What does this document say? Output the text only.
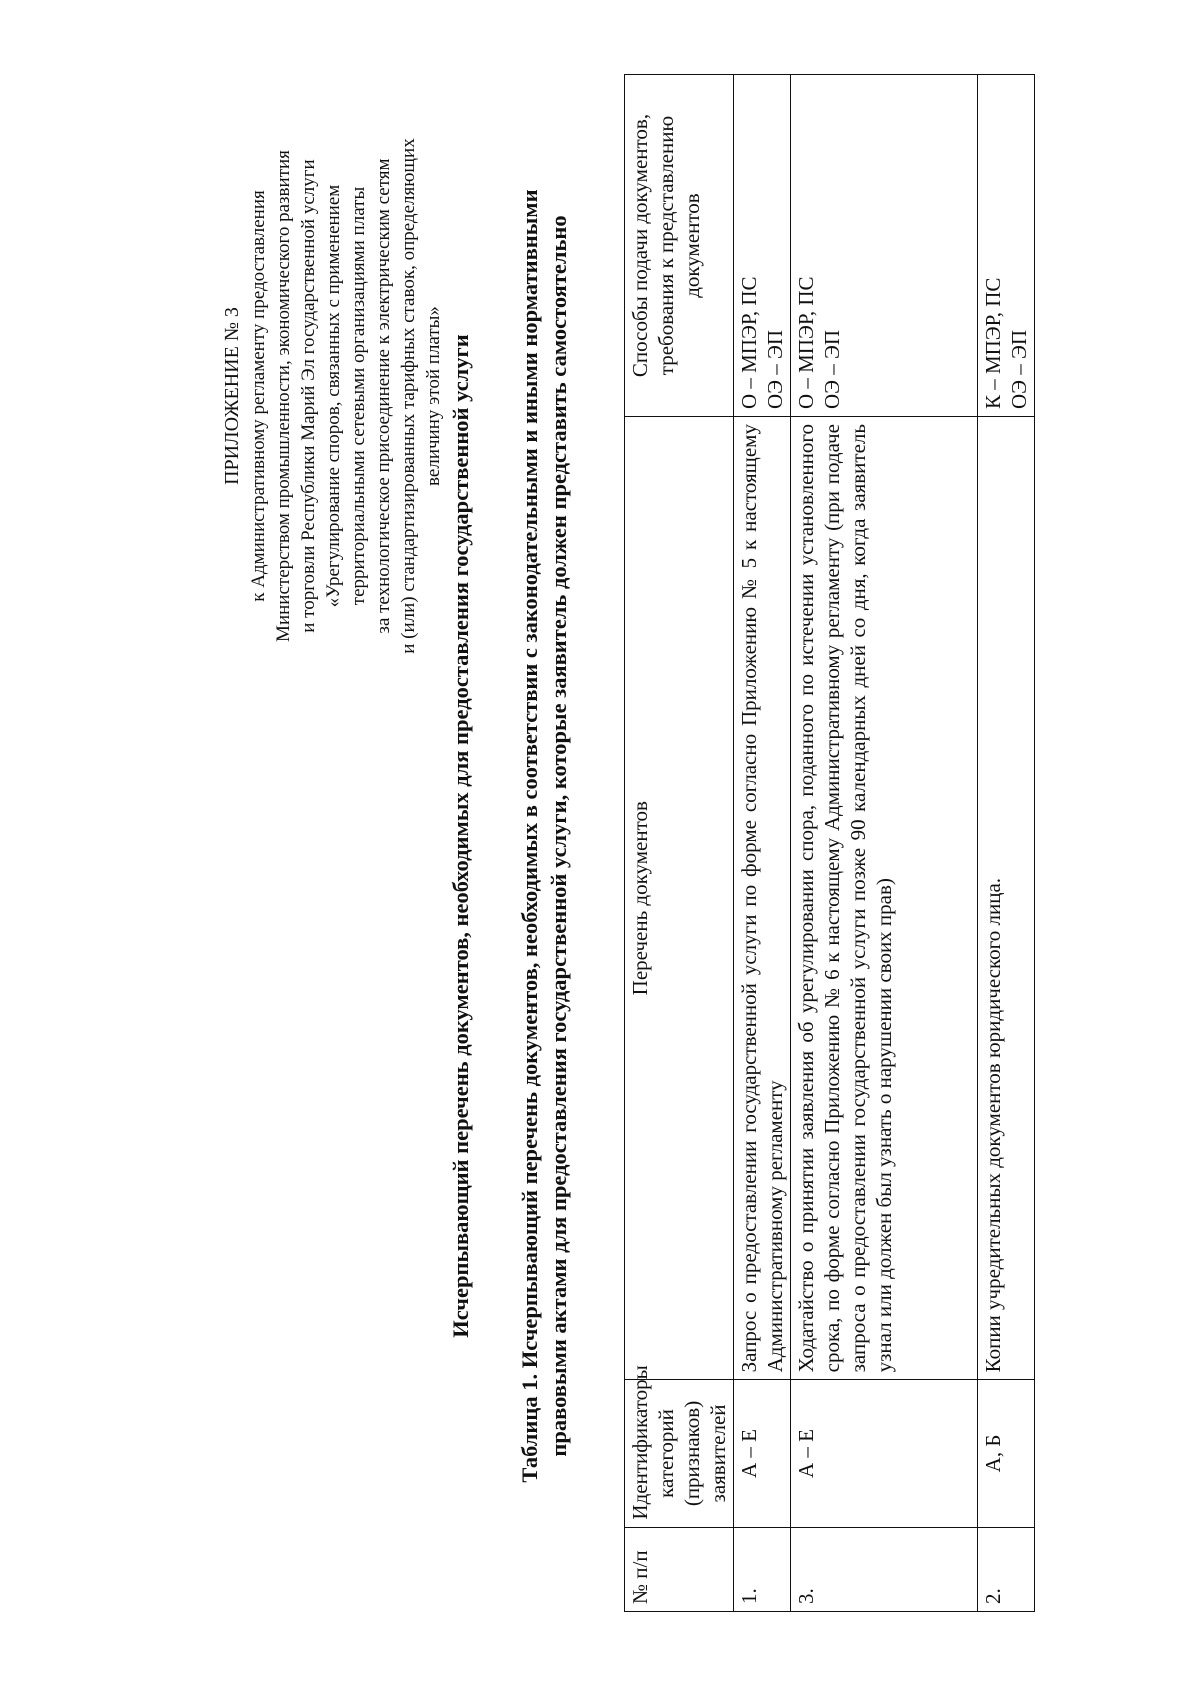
ПРИЛОЖЕНИЕ № 3 к Административному регламенту предоставления Министерством промышленности, экономического развития и торговли Республики Марий Эл государственной услуги «Урегулирование споров, связанных с применением территориальными сетевыми организациями платы за технологическое присоединение к электрическим сетям и (или) стандартизированных тарифных ставок, определяющих величину этой платы» Исчерпывающий перечень документов, необходимых для предоставления государственной услуги Таблица 1. Исчерпывающий перечень документов, необходимых в соответствии с законодательными и иными нормативными правовыми актами для предоставления государственной услуги, которые заявитель должен представить самостоятельно
№ п/п	Идентификаторы категорий (признаков) заявителей	Перечень документов	Способы подачи документов, требования к представлению документов
1.	А – Е	Запрос о предоставлении государственной услуги по форме согласно Приложению № 5 к настоящему Административному регламенту	О – МПЭР, ПС ОЭ – ЭП

3.	А – Е	Ходатайство о принятии заявления об урегулировании спора, поданного по истечении установленного срока, по форме согласно Приложению № 6 к настоящему Административному регламенту (при подаче запроса о предоставлении государственной услуги позже 90 календарных дней со дня, когда заявитель узнал или должен был узнать о нарушении своих прав)	О – МПЭР, ПС ОЭ – ЭП

2.	А, Б	Копии учредительных документов юридического лица.	К – МПЭР, ПС ОЭ – ЭП
